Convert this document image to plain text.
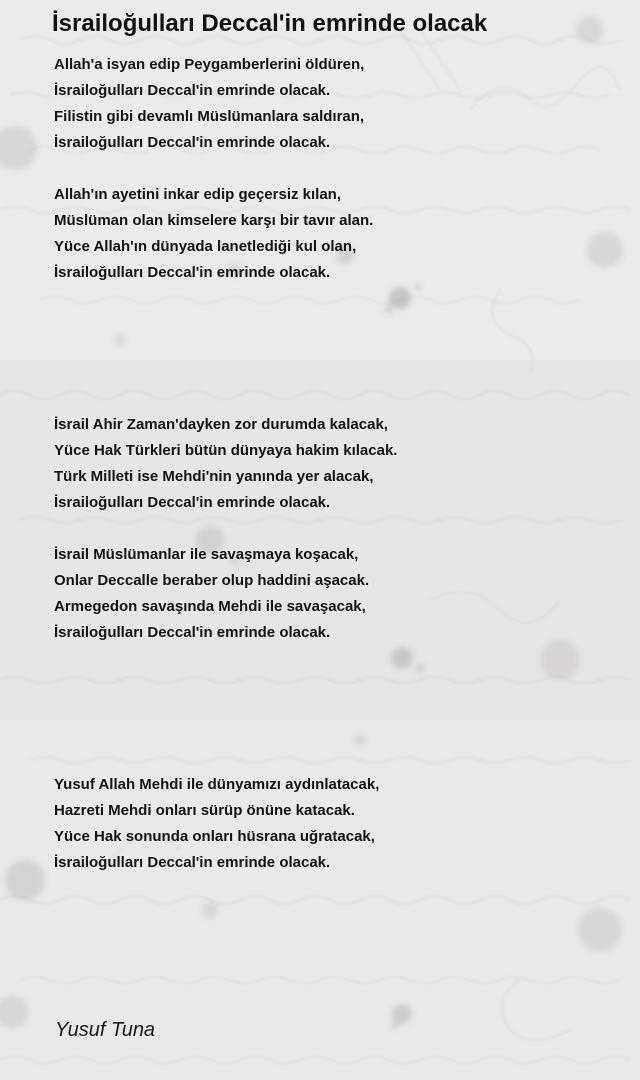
İsrailoğulları Deccal'in emrinde olacak
Allah'a isyan edip Peygamberlerini öldüren,
İsrailoğulları Deccal'in emrinde olacak.
Filistin gibi devamlı Müslümanlara saldıran,
İsrailoğulları Deccal'in emrinde olacak.
Allah'ın ayetini inkar edip geçersiz kılan,
Müslüman olan kimselere karşı bir tavır alan.
Yüce Allah'ın dünyada lanetlediği kul olan,
İsrailoğulları Deccal'in emrinde olacak.
İsrail Ahir Zaman'dayken zor durumda kalacak,
Yüce Hak Türkleri bütün dünyaya hakim kılacak.
Türk Milleti ise Mehdi'nin yanında yer alacak,
İsrailoğulları Deccal'in emrinde olacak.
İsrail Müslümanlar ile savaşmaya koşacak,
Onlar Deccalle beraber olup haddini aşacak.
Armegedon savaşında Mehdi ile savaşacak,
İsrailoğulları Deccal'in emrinde olacak.
Yusuf Allah Mehdi ile dünyamızı aydınlatacak,
Hazreti Mehdi onları sürüp önüne katacak.
Yüce Hak sonunda onları hüsrana uğratacak,
İsrailoğulları Deccal'in emrinde olacak.
Yusuf Tuna
